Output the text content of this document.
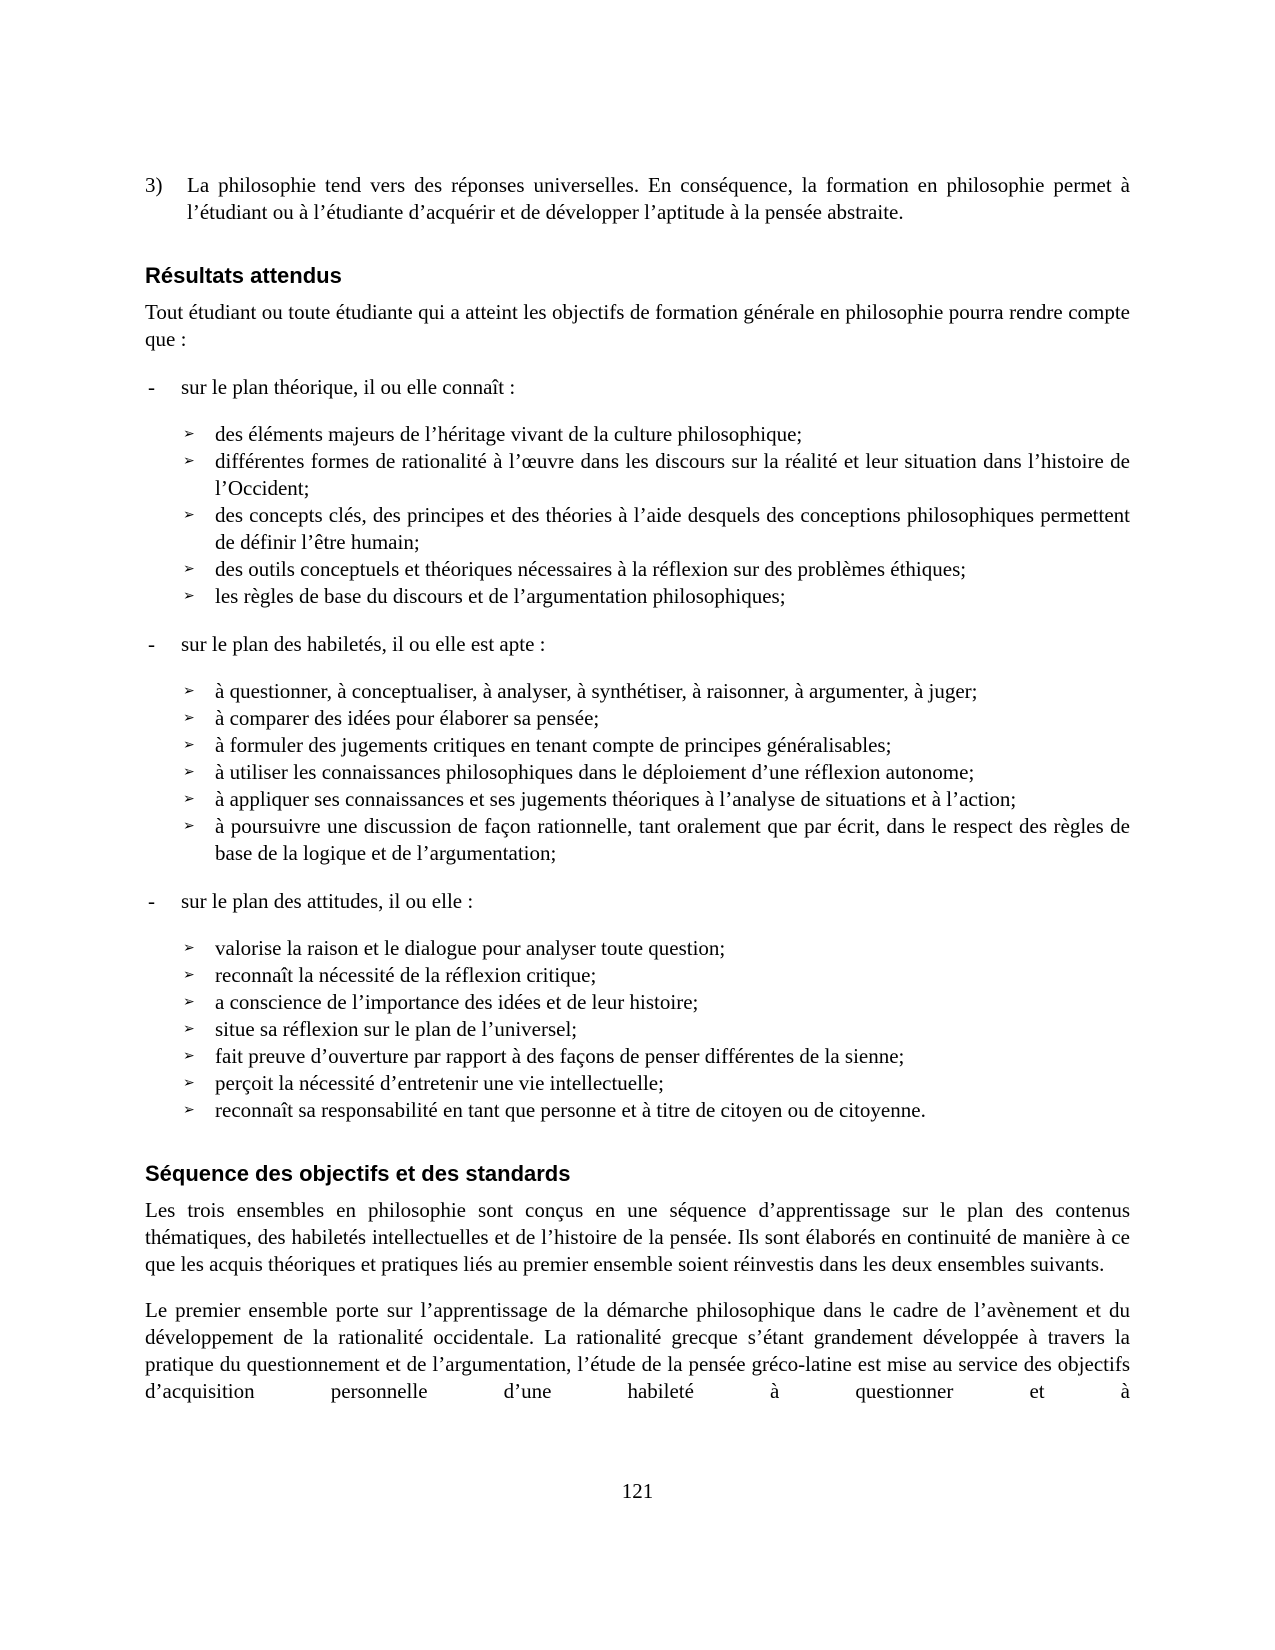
3)	La philosophie tend vers des réponses universelles. En conséquence, la formation en philosophie permet à l’étudiant ou à l’étudiante d’acquérir et de développer l’aptitude à la pensée abstraite.
Résultats attendus

Tout étudiant ou toute étudiante qui a atteint les objectifs de formation générale en philosophie pourra rendre compte que :

-	sur le plan théorique, il ou elle connaît :
➢ des éléments majeurs de l’héritage vivant de la culture philosophique;
➢ différentes formes de rationalité à l’œuvre dans les discours sur la réalité et leur situation dans l’histoire de l’Occident;
➢ des concepts clés, des principes et des théories à l’aide desquels des conceptions philosophiques permettent de définir l’être humain;
➢ des outils conceptuels et théoriques nécessaires à la réflexion sur des problèmes éthiques;
➢ les règles de base du discours et de l’argumentation philosophiques;
-	sur le plan des habiletés, il ou elle est apte :
➢ à questionner, à conceptualiser, à analyser, à synthétiser, à raisonner, à argumenter, à juger;
➢ à comparer des idées pour élaborer sa pensée;
➢ à formuler des jugements critiques en tenant compte de principes généralisables;
➢ à utiliser les connaissances philosophiques dans le déploiement d’une réflexion autonome;
➢ à appliquer ses connaissances et ses jugements théoriques à l’analyse de situations et à l’action;
➢ à poursuivre une discussion de façon rationnelle, tant oralement que par écrit, dans le respect des règles de base de la logique et de l’argumentation;
-	sur le plan des attitudes, il ou elle :
➢ valorise la raison et le dialogue pour analyser toute question;
➢ reconnaît la nécessité de la réflexion critique;
➢ a conscience de l’importance des idées et de leur histoire;
➢ situe sa réflexion sur le plan de l’universel;
➢ fait preuve d’ouverture par rapport à des façons de penser différentes de la sienne;
➢ perçoit la nécessité d’entretenir une vie intellectuelle;
➢ reconnaît sa responsabilité en tant que personne et à titre de citoyen ou de citoyenne.
Séquence des objectifs et des standards

Les trois ensembles en philosophie sont conçus en une séquence d’apprentissage sur le plan des contenus thématiques, des habiletés intellectuelles et de l’histoire de la pensée. Ils sont élaborés en continuité de manière à ce que les acquis théoriques et pratiques liés au premier ensemble soient réinvestis dans les deux ensembles suivants.

Le premier ensemble porte sur l’apprentissage de la démarche philosophique dans le cadre de l’avènement et du développement de la rationalité occidentale. La rationalité grecque s’étant grandement développée à travers la pratique du questionnement et de l’argumentation, l’étude de la pensée gréco-latine est mise au service des objectifs d’acquisition personnelle d’une habileté à questionner et à

121
